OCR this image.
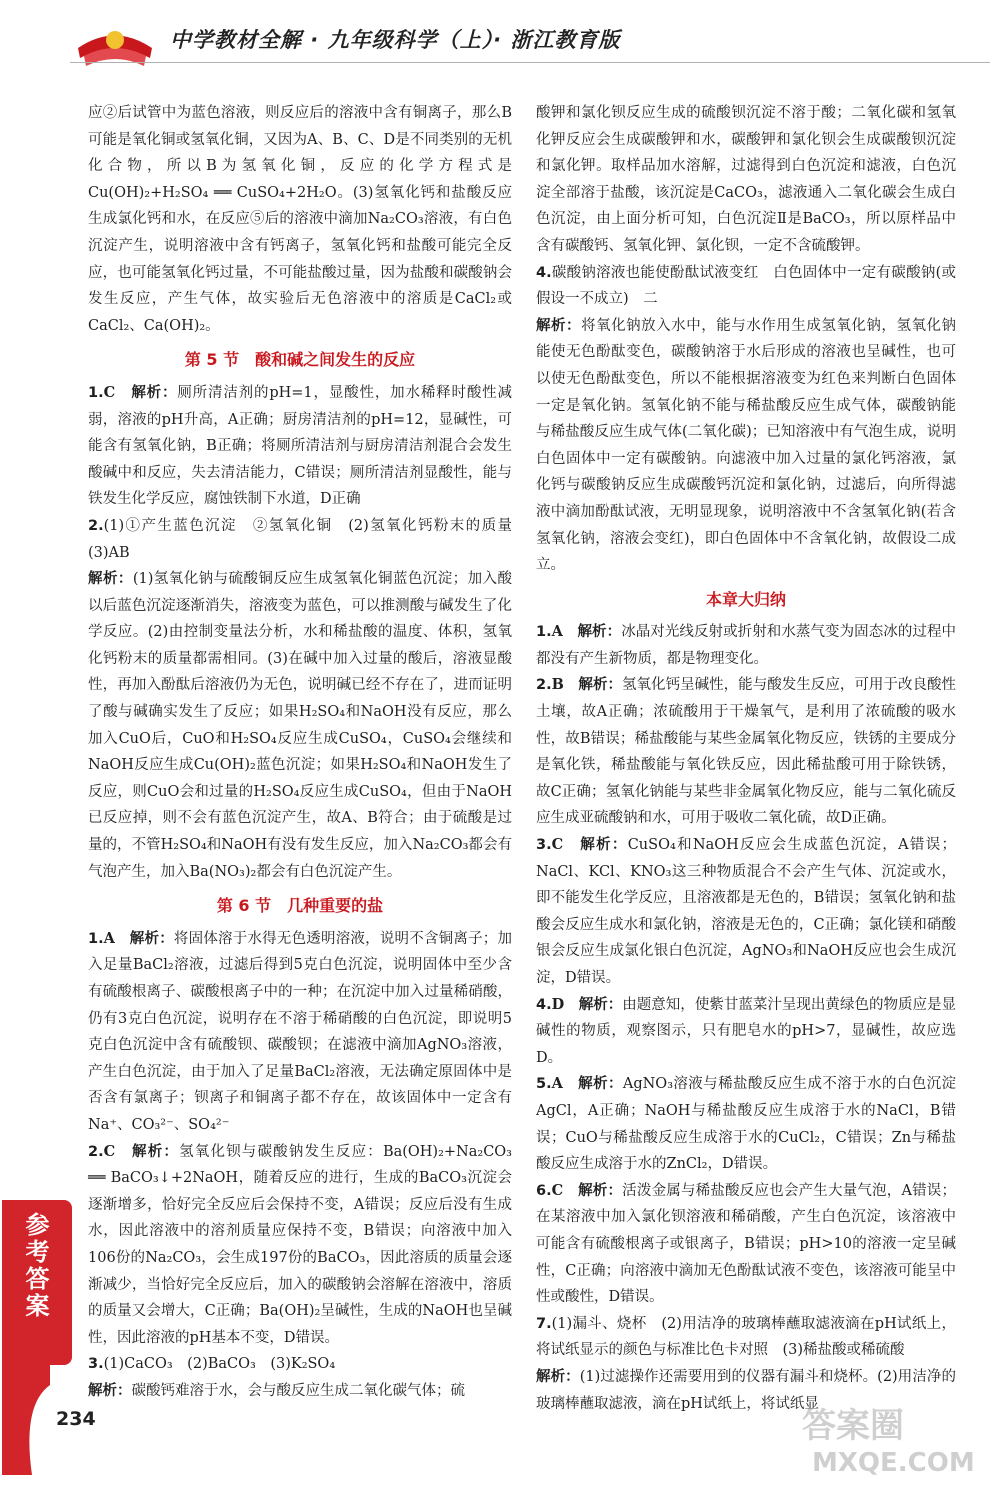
中学教材全解 · 九年级科学（上）· 浙江教育版

应②后试管中为蓝色溶液，则反应后的溶液中含有铜离子，那么B可能是氧化铜或氢氧化铜，又因为A、B、C、D是不同类别的无机化合物，所以B为氢氧化铜，反应的化学方程式是Cu(OH)₂+H₂SO₄ ══ CuSO₄+2H₂O。(3)氢氧化钙和盐酸反应生成氯化钙和水，在反应⑤后的溶液中滴加Na₂CO₃溶液，有白色沉淀产生，说明溶液中含有钙离子，氢氧化钙和盐酸可能完全反应，也可能氢氧化钙过量，不可能盐酸过量，因为盐酸和碳酸钠会发生反应，产生气体，故实验后无色溶液中的溶质是CaCl₂或CaCl₂、Ca(OH)₂。

第 5 节　酸和碱之间发生的反应

1.C　 解析：厕所清洁剂的pH=1，显酸性，加水稀释时酸性减弱，溶液的pH升高，A正确；厨房清洁剂的pH=12，显碱性，可能含有氢氧化钠，B正确；将厕所清洁剂与厨房清洁剂混合会发生酸碱中和反应，失去清洁能力，C错误；厕所清洁剂显酸性，能与铁发生化学反应，腐蚀铁制下水道，D正确

2.(1)①产生蓝色沉淀　②氢氧化铜　(2)氢氧化钙粉末的质量　(3)AB
解析：(1)氢氧化钠与硫酸铜反应生成氢氧化铜蓝色沉淀；加入酸以后蓝色沉淀逐渐消失，溶液变为蓝色，可以推测酸与碱发生了化学反应。(2)由控制变量法分析，水和稀盐酸的温度、体积，氢氧化钙粉末的质量都需相同。(3)在碱中加入过量的酸后，溶液显酸性，再加入酚酞后溶液仍为无色，说明碱已经不存在了，进而证明了酸与碱确实发生了反应；如果H₂SO₄和NaOH没有反应，那么加入CuO后，CuO和H₂SO₄反应生成CuSO₄，CuSO₄会继续和NaOH反应生成Cu(OH)₂蓝色沉淀；如果H₂SO₄和NaOH发生了反应，则CuO会和过量的H₂SO₄反应生成CuSO₄，但由于NaOH已反应掉，则不会有蓝色沉淀产生，故A、B符合；由于硫酸是过量的，不管H₂SO₄和NaOH有没有发生反应，加入Na₂CO₃都会有气泡产生，加入Ba(NO₃)₂都会有白色沉淀产生。

第 6 节　几种重要的盐

1.A　 解析：将固体溶于水得无色透明溶液，说明不含铜离子；加入足量BaCl₂溶液，过滤后得到5克白色沉淀，说明固体中至少含有硫酸根离子、碳酸根离子中的一种；在沉淀中加入过量稀硝酸，仍有3克白色沉淀，说明存在不溶于稀硝酸的白色沉淀，即说明5克白色沉淀中含有硫酸钡、碳酸钡；在滤液中滴加AgNO₃溶液，产生白色沉淀，由于加入了足量BaCl₂溶液，无法确定原固体中是否含有氯离子；钡离子和铜离子都不存在，故该固体中一定含有Na⁺、CO₃²⁻、SO₄²⁻

2.C　 解析：氢氧化钡与碳酸钠发生反应：Ba(OH)₂+Na₂CO₃ ══ BaCO₃↓+2NaOH，随着反应的进行，生成的BaCO₃沉淀会逐渐增多，恰好完全反应后会保持不变，A错误；反应后没有生成水，因此溶液中的溶剂质量应保持不变，B错误；向溶液中加入106份的Na₂CO₃，会生成197份的BaCO₃，因此溶质的质量会逐渐减少，当恰好完全反应后，加入的碳酸钠会溶解在溶液中，溶质的质量又会增大，C正确；Ba(OH)₂呈碱性，生成的NaOH也呈碱性，因此溶液的pH基本不变，D错误。

3.(1)CaCO₃　(2)BaCO₃　(3)K₂SO₄
解析：碳酸钙难溶于水，会与酸反应生成二氧化碳气体；硫

酸钾和氯化钡反应生成的硫酸钡沉淀不溶于酸；二氧化碳和氢氧化钾反应会生成碳酸钾和水，碳酸钾和氯化钡会生成碳酸钡沉淀和氯化钾。取样品加水溶解，过滤得到白色沉淀和滤液，白色沉淀全部溶于盐酸，该沉淀是CaCO₃，滤液通入二氧化碳会生成白色沉淀，由上面分析可知，白色沉淀Ⅱ是BaCO₃，所以原样品中含有碳酸钙、氢氧化钾、氯化钡，一定不含硫酸钾。

4.碳酸钠溶液也能使酚酞试液变红　白色固体中一定有碳酸钠(或假设一不成立)　二
解析：将氧化钠放入水中，能与水作用生成氢氧化钠，氢氧化钠能使无色酚酞变色，碳酸钠溶于水后形成的溶液也呈碱性，也可以使无色酚酞变色，所以不能根据溶液变为红色来判断白色固体一定是氧化钠。氢氧化钠不能与稀盐酸反应生成气体，碳酸钠能与稀盐酸反应生成气体(二氧化碳)；已知溶液中有气泡生成，说明白色固体中一定有碳酸钠。向滤液中加入过量的氯化钙溶液，氯化钙与碳酸钠反应生成碳酸钙沉淀和氯化钠，过滤后，向所得滤液中滴加酚酞试液，无明显现象，说明溶液中不含氢氧化钠(若含氢氧化钠，溶液会变红)，即白色固体中不含氧化钠，故假设二成立。

本章大归纳

1.A　 解析：冰晶对光线反射或折射和水蒸气变为固态冰的过程中都没有产生新物质，都是物理变化。

2.B　 解析：氢氧化钙呈碱性，能与酸发生反应，可用于改良酸性土壤，故A正确；浓硫酸用于干燥氧气，是利用了浓硫酸的吸水性，故B错误；稀盐酸能与某些金属氧化物反应，铁锈的主要成分是氧化铁，稀盐酸能与氧化铁反应，因此稀盐酸可用于除铁锈，故C正确；氢氧化钠能与某些非金属氧化物反应，能与二氧化硫反应生成亚硫酸钠和水，可用于吸收二氧化硫，故D正确。

3.C　 解析：CuSO₄和NaOH反应会生成蓝色沉淀，A错误；NaCl、KCl、KNO₃这三种物质混合不会产生气体、沉淀或水，即不能发生化学反应，且溶液都是无色的，B错误；氢氧化钠和盐酸会反应生成水和氯化钠，溶液是无色的，C正确；氯化镁和硝酸银会反应生成氯化银白色沉淀，AgNO₃和NaOH反应也会生成沉淀，D错误。

4.D　 解析：由题意知，使紫甘蓝菜汁呈现出黄绿色的物质应是显碱性的物质，观察图示，只有肥皂水的pH>7，显碱性，故应选D。

5.A　 解析：AgNO₃溶液与稀盐酸反应生成不溶于水的白色沉淀AgCl，A正确；NaOH与稀盐酸反应生成溶于水的NaCl，B错误；CuO与稀盐酸反应生成溶于水的CuCl₂，C错误；Zn与稀盐酸反应生成溶于水的ZnCl₂，D错误。

6.C　 解析：活泼金属与稀盐酸反应也会产生大量气泡，A错误；在某溶液中加入氯化钡溶液和稀硝酸，产生白色沉淀，该溶液中可能含有硫酸根离子或银离子，B错误；pH>10的溶液一定呈碱性，C正确；向溶液中滴加无色酚酞试液不变色，该溶液可能呈中性或酸性，D错误。

7.(1)漏斗、烧杯　(2)用洁净的玻璃棒蘸取滤液滴在pH试纸上，将试纸显示的颜色与标准比色卡对照　(3)稀盐酸或稀硫酸
解析：(1)过滤操作还需要用到的仪器有漏斗和烧杯。(2)用洁净的玻璃棒蘸取滤液，滴在pH试纸上，将试纸显

参考答案
234	答案圈
MXQE.COM
